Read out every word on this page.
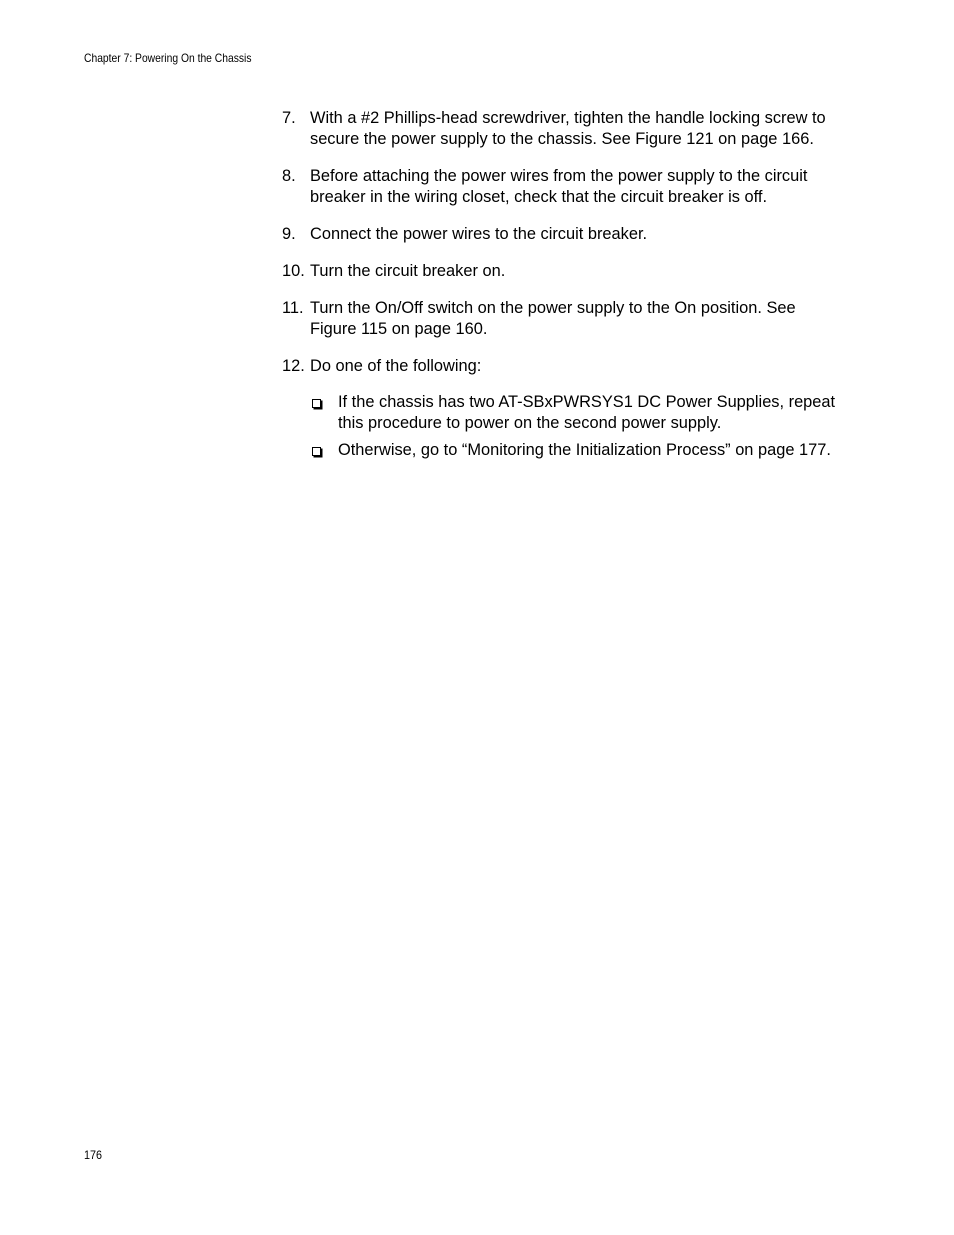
Chapter 7: Powering On the Chassis
7. With a #2 Phillips-head screwdriver, tighten the handle locking screw to secure the power supply to the chassis. See Figure 121 on page 166.
8. Before attaching the power wires from the power supply to the circuit breaker in the wiring closet, check that the circuit breaker is off.
9. Connect the power wires to the circuit breaker.
10. Turn the circuit breaker on.
11. Turn the On/Off switch on the power supply to the On position. See Figure 115 on page 160.
12. Do one of the following:
If the chassis has two AT-SBxPWRSYS1 DC Power Supplies, repeat this procedure to power on the second power supply.
Otherwise, go to “Monitoring the Initialization Process” on page 177.
176
